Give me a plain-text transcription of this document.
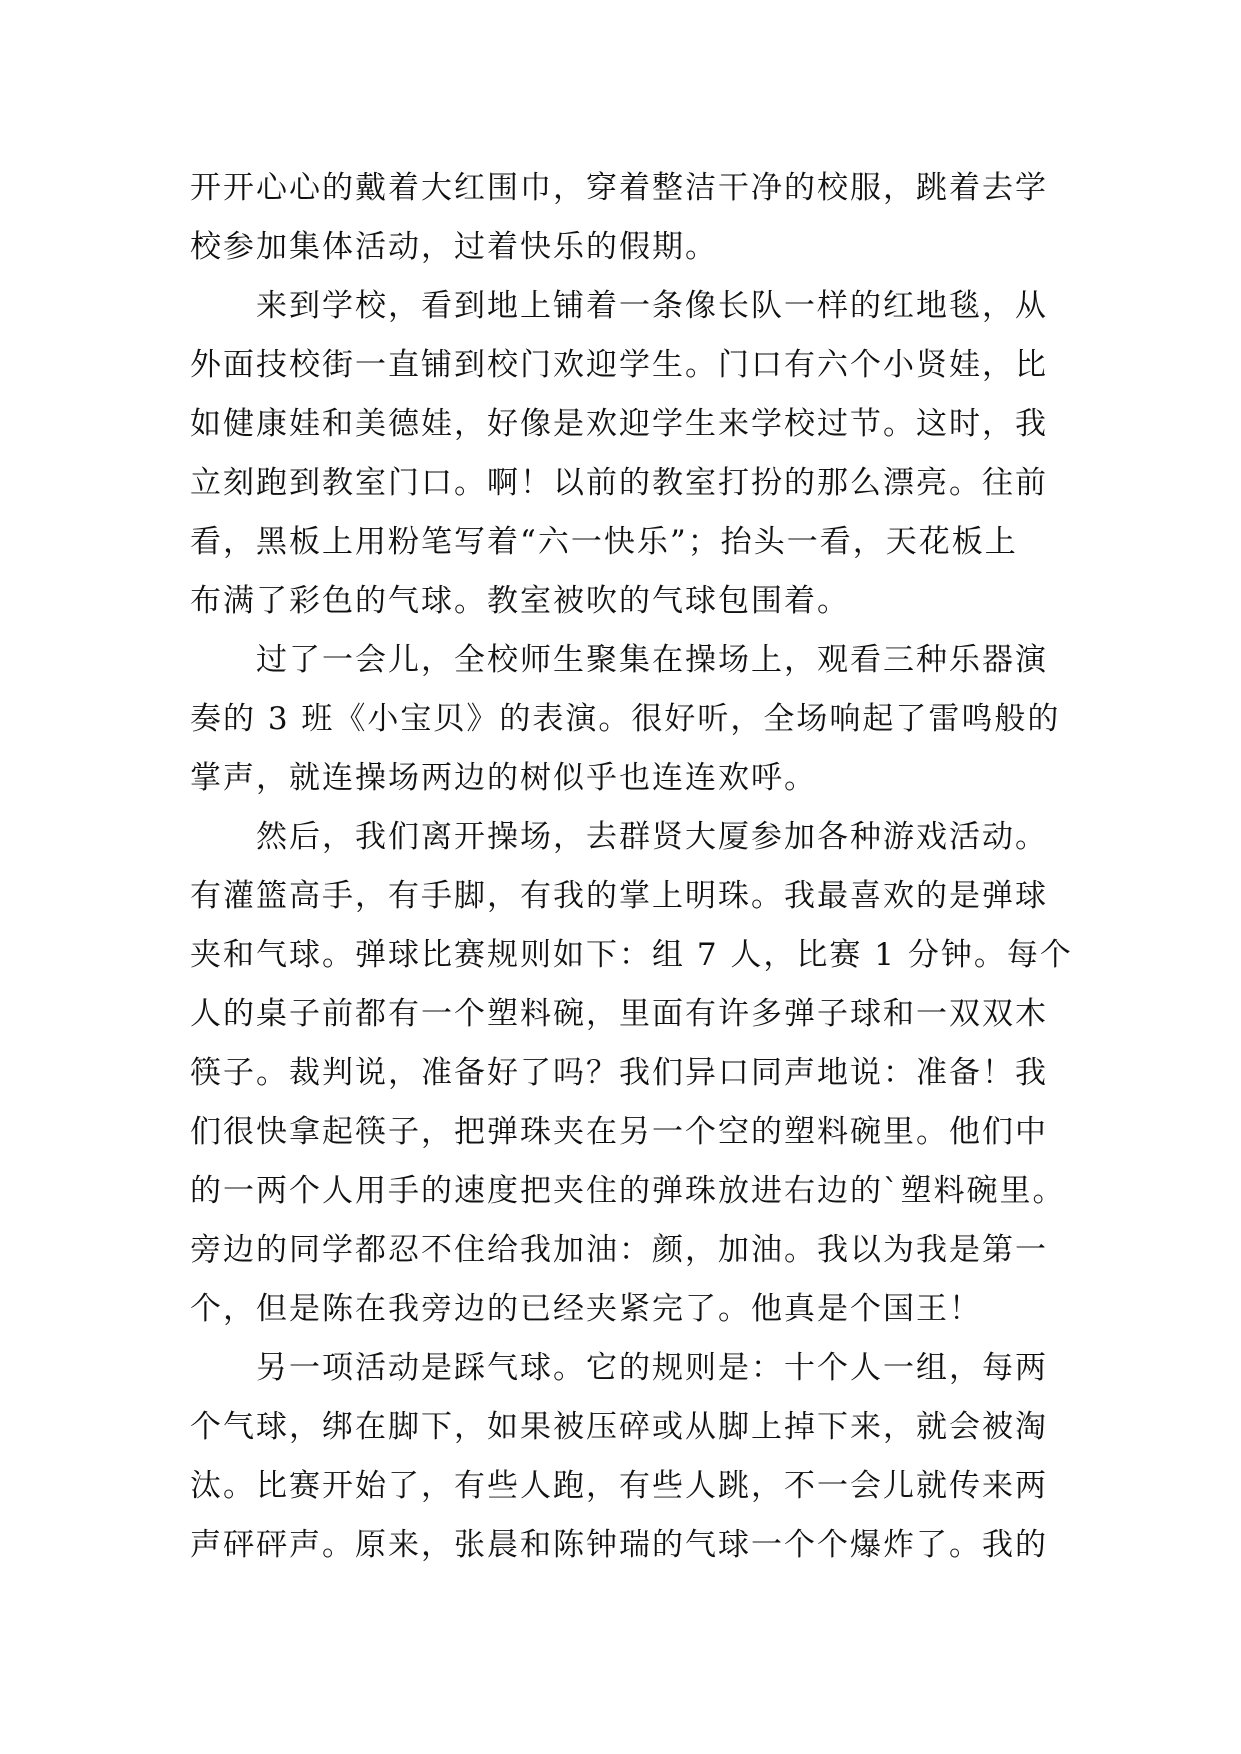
开开心心的戴着大红围巾，穿着整洁干净的校服，跳着去学
校参加集体活动，过着快乐的假期。
来到学校，看到地上铺着一条像长队一样的红地毯，从
外面技校街一直铺到校门欢迎学生。门口有六个小贤娃，比
如健康娃和美德娃，好像是欢迎学生来学校过节。这时，我
立刻跑到教室门口。啊！以前的教室打扮的那么漂亮。往前
看，黑板上用粉笔写着“六一快乐”；抬头一看，天花板上
布满了彩色的气球。教室被吹的气球包围着。
过了一会儿，全校师生聚集在操场上，观看三种乐器演
奏的 3 班《小宝贝》的表演。很好听，全场响起了雷鸣般的
掌声，就连操场两边的树似乎也连连欢呼。
然后，我们离开操场，去群贤大厦参加各种游戏活动。
有灌篮高手，有手脚，有我的掌上明珠。我最喜欢的是弹球
夹和气球。弹球比赛规则如下：组 7 人，比赛 1 分钟。每个
人的桌子前都有一个塑料碗，里面有许多弹子球和一双双木
筷子。裁判说，准备好了吗？我们异口同声地说：准备！我
们很快拿起筷子，把弹珠夹在另一个空的塑料碗里。他们中
的一两个人用手的速度把夹住的弹珠放进右边的`塑料碗里。
旁边的同学都忍不住给我加油：颜，加油。我以为我是第一
个，但是陈在我旁边的已经夹紧完了。他真是个国王！
另一项活动是踩气球。它的规则是：十个人一组，每两
个气球，绑在脚下，如果被压碎或从脚上掉下来，就会被淘
汰。比赛开始了，有些人跑，有些人跳，不一会儿就传来两
声砰砰声。原来，张晨和陈钟瑞的气球一个个爆炸了。我的
